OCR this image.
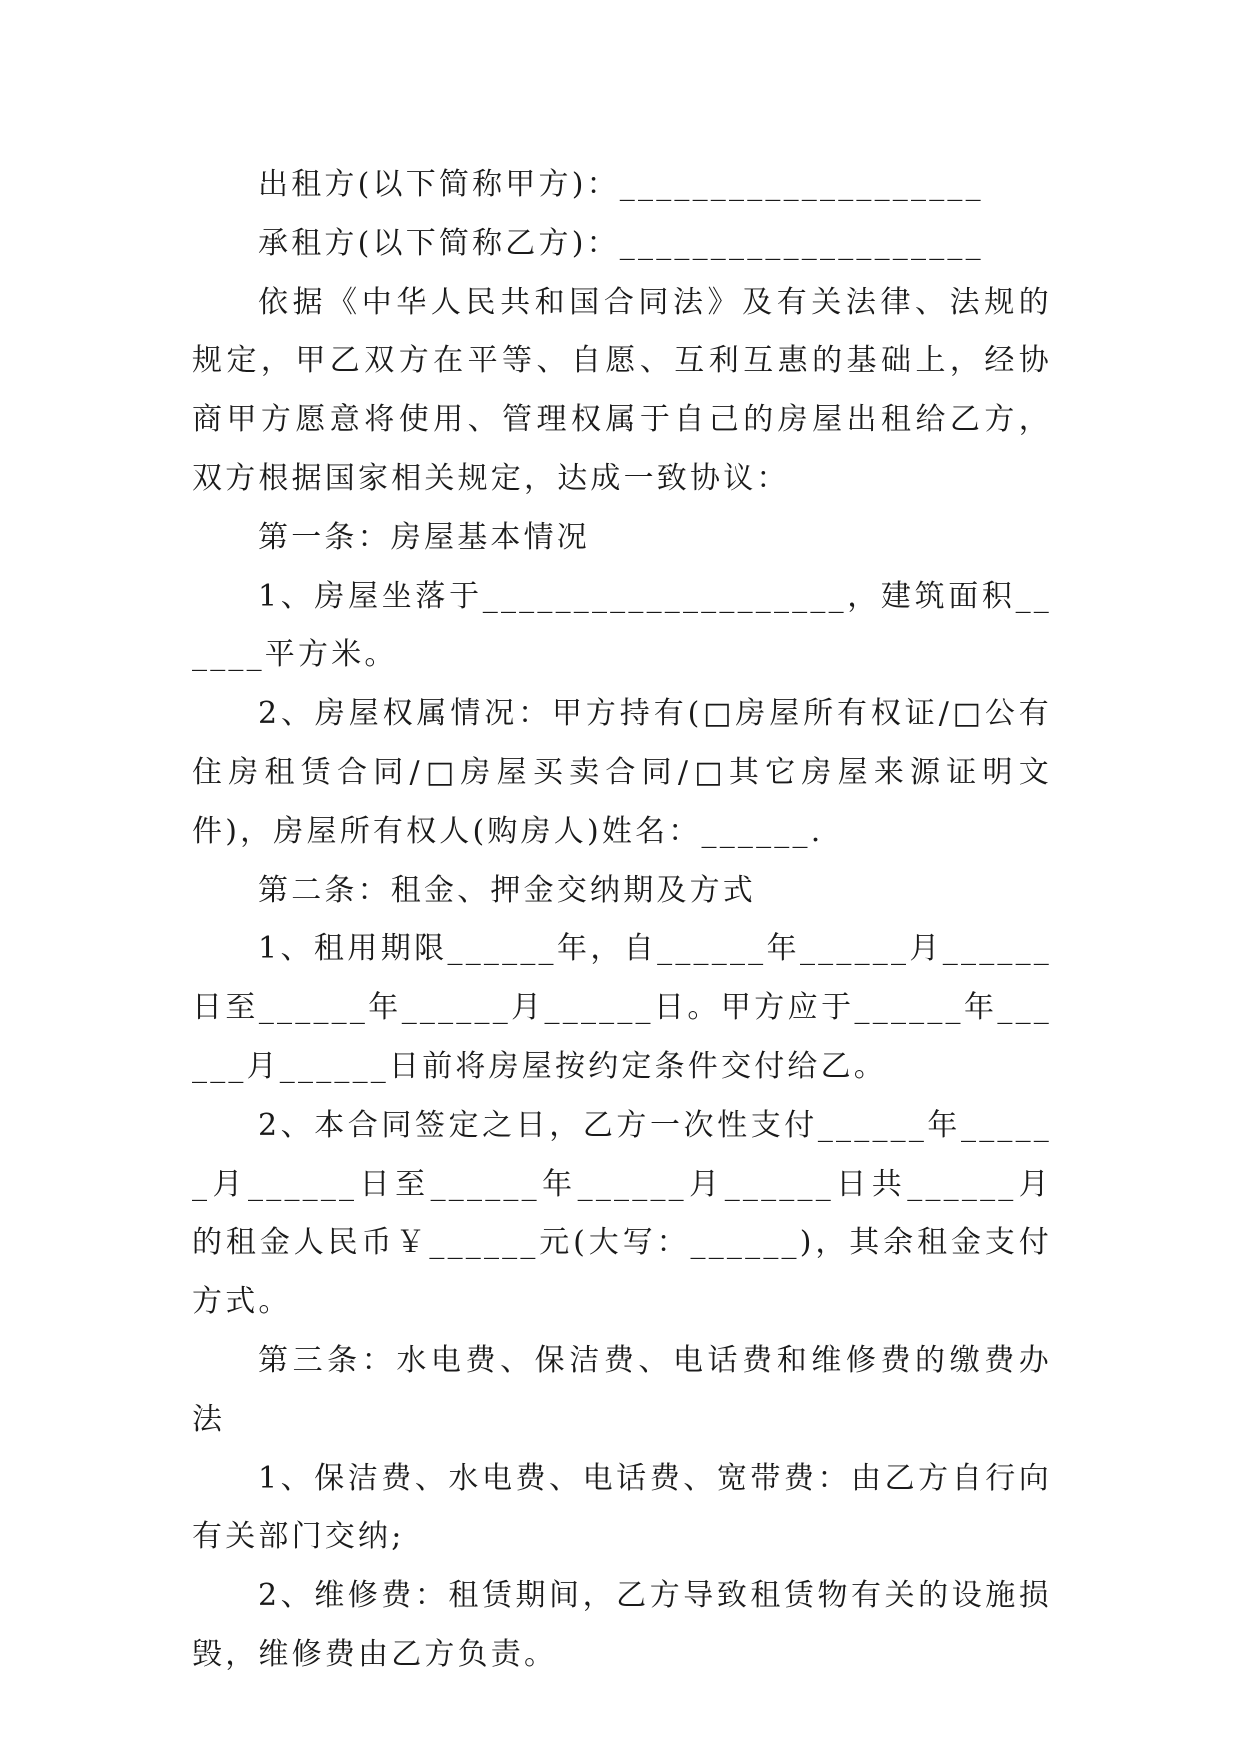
出租方(以下简称甲方)：____________________

承租方(以下简称乙方)：____________________

依据《中华人民共和国合同法》及有关法律、法规的规定，甲乙双方在平等、自愿、互利互惠的基础上，经协商甲方愿意将使用、管理权属于自己的房屋出租给乙方，双方根据国家相关规定，达成一致协议：

第一条：房屋基本情况

1、房屋坐落于____________________，建筑面积______平方米。

2、房屋权属情况：甲方持有(□房屋所有权证/□公有住房租赁合同/□房屋买卖合同/□其它房屋来源证明文件)，房屋所有权人(购房人)姓名：______.

第二条：租金、押金交纳期及方式

1、租用期限______年，自______年______月______日至______年______月______日。甲方应于______年______月______日前将房屋按约定条件交付给乙。

2、本合同签定之日，乙方一次性支付______年______月______日至______年______月______日共______月的租金人民币￥______元(大写：______)，其余租金支付方式。

第三条：水电费、保洁费、电话费和维修费的缴费办法

1、保洁费、水电费、电话费、宽带费：由乙方自行向有关部门交纳;

2、维修费：租赁期间，乙方导致租赁物有关的设施损毁，维修费由乙方负责。
